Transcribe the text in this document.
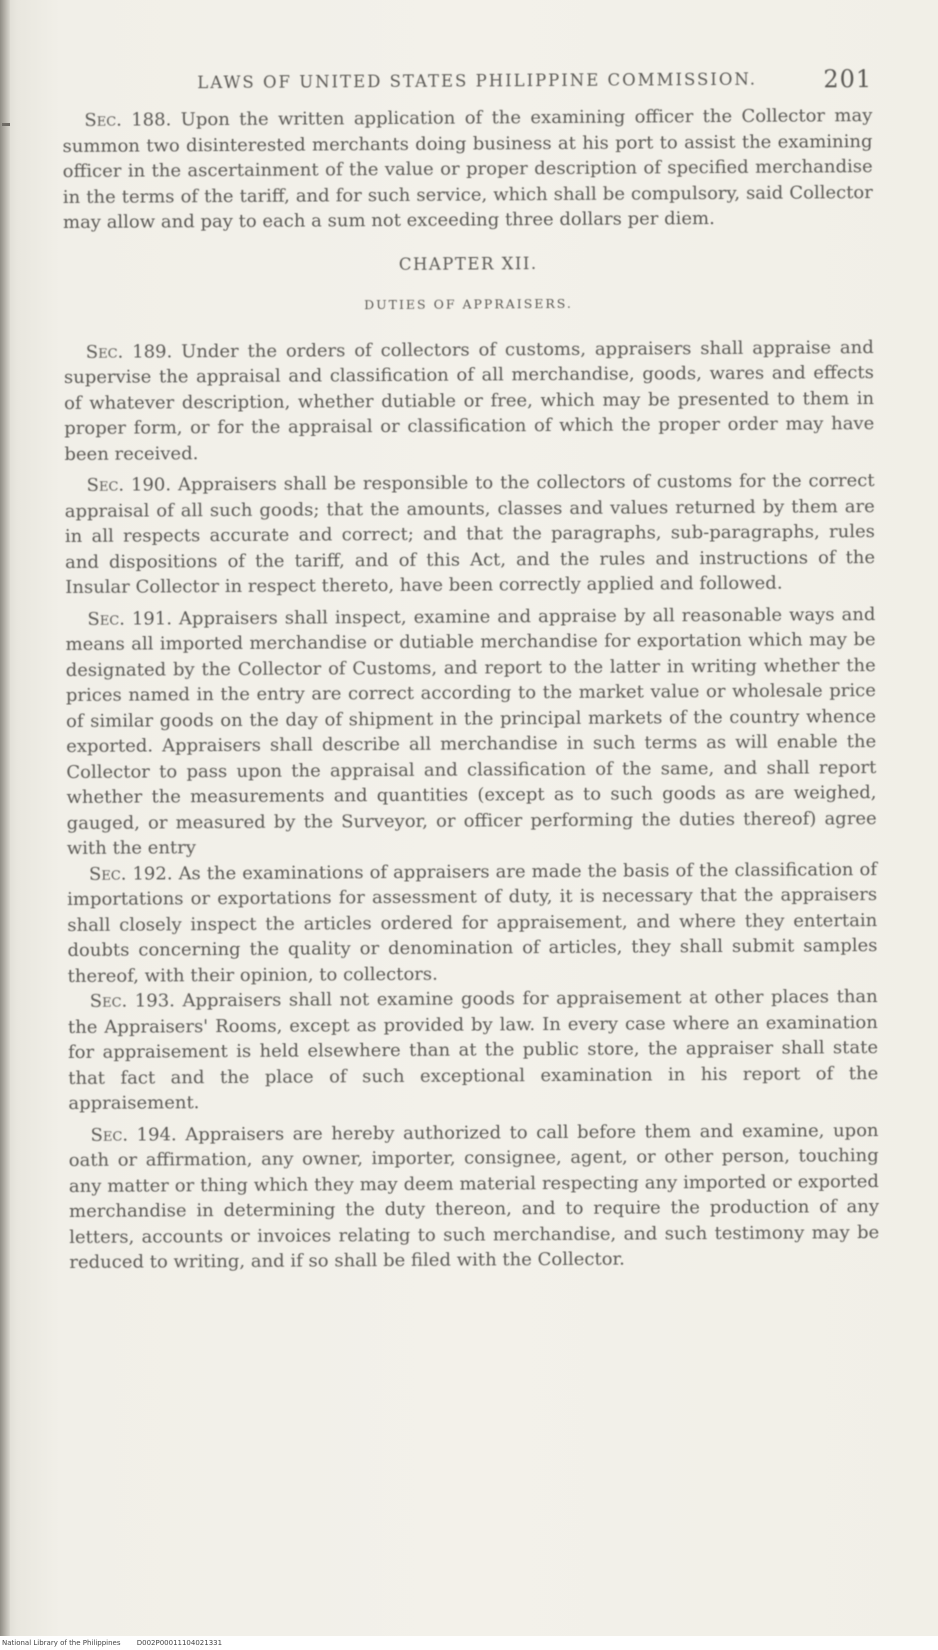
LAWS OF UNITED STATES PHILIPPINE COMMISSION.	201

Sec. 188. Upon the written application of the examining officer the Collector may summon two disinterested merchants doing business at his port to assist the examining officer in the ascertainment of the value or proper description of specified merchandise in the terms of the tariff, and for such service, which shall be compulsory, said Collector may allow and pay to each a sum not exceeding three dollars per diem.

CHAPTER XII.
DUTIES OF APPRAISERS.

Sec. 189. Under the orders of collectors of customs, appraisers shall appraise and supervise the appraisal and classification of all merchandise, goods, wares and effects of whatever description, whether dutiable or free, which may be presented to them in proper form, or for the appraisal or classification of which the proper order may have been received.

Sec. 190. Appraisers shall be responsible to the collectors of customs for the correct appraisal of all such goods; that the amounts, classes and values returned by them are in all respects accurate and correct; and that the paragraphs, sub-paragraphs, rules and dispositions of the tariff, and of this Act, and the rules and instructions of the Insular Collector in respect thereto, have been correctly applied and followed.

Sec. 191. Appraisers shall inspect, examine and appraise by all reasonable ways and means all imported merchandise or dutiable merchandise for exportation which may be designated by the Collector of Customs, and report to the latter in writing whether the prices named in the entry are correct according to the market value or wholesale price of similar goods on the day of shipment in the principal markets of the country whence exported. Appraisers shall describe all merchandise in such terms as will enable the Collector to pass upon the appraisal and classification of the same, and shall report whether the measurements and quantities (except as to such goods as are weighed, gauged, or measured by the Surveyor, or officer performing the duties thereof) agree with the entry

Sec. 192. As the examinations of appraisers are made the basis of the classification of importations or exportations for assessment of duty, it is necessary that the appraisers shall closely inspect the articles ordered for appraisement, and where they entertain doubts concerning the quality or denomination of articles, they shall submit samples thereof, with their opinion, to collectors.

Sec. 193. Appraisers shall not examine goods for appraisement at other places than the Appraisers' Rooms, except as provided by law. In every case where an examination for appraisement is held elsewhere than at the public store, the appraiser shall state that fact and the place of such exceptional examination in his report of the appraisement.

Sec. 194. Appraisers are hereby authorized to call before them and examine, upon oath or affirmation, any owner, importer, consignee, agent, or other person, touching any matter or thing which they may deem material respecting any imported or exported merchandise in determining the duty thereon, and to require the production of any letters, accounts or invoices relating to such merchandise, and such testimony may be reduced to writing, and if so shall be filed with the Collector.

National Library of the Philippines D002P00011104021331
